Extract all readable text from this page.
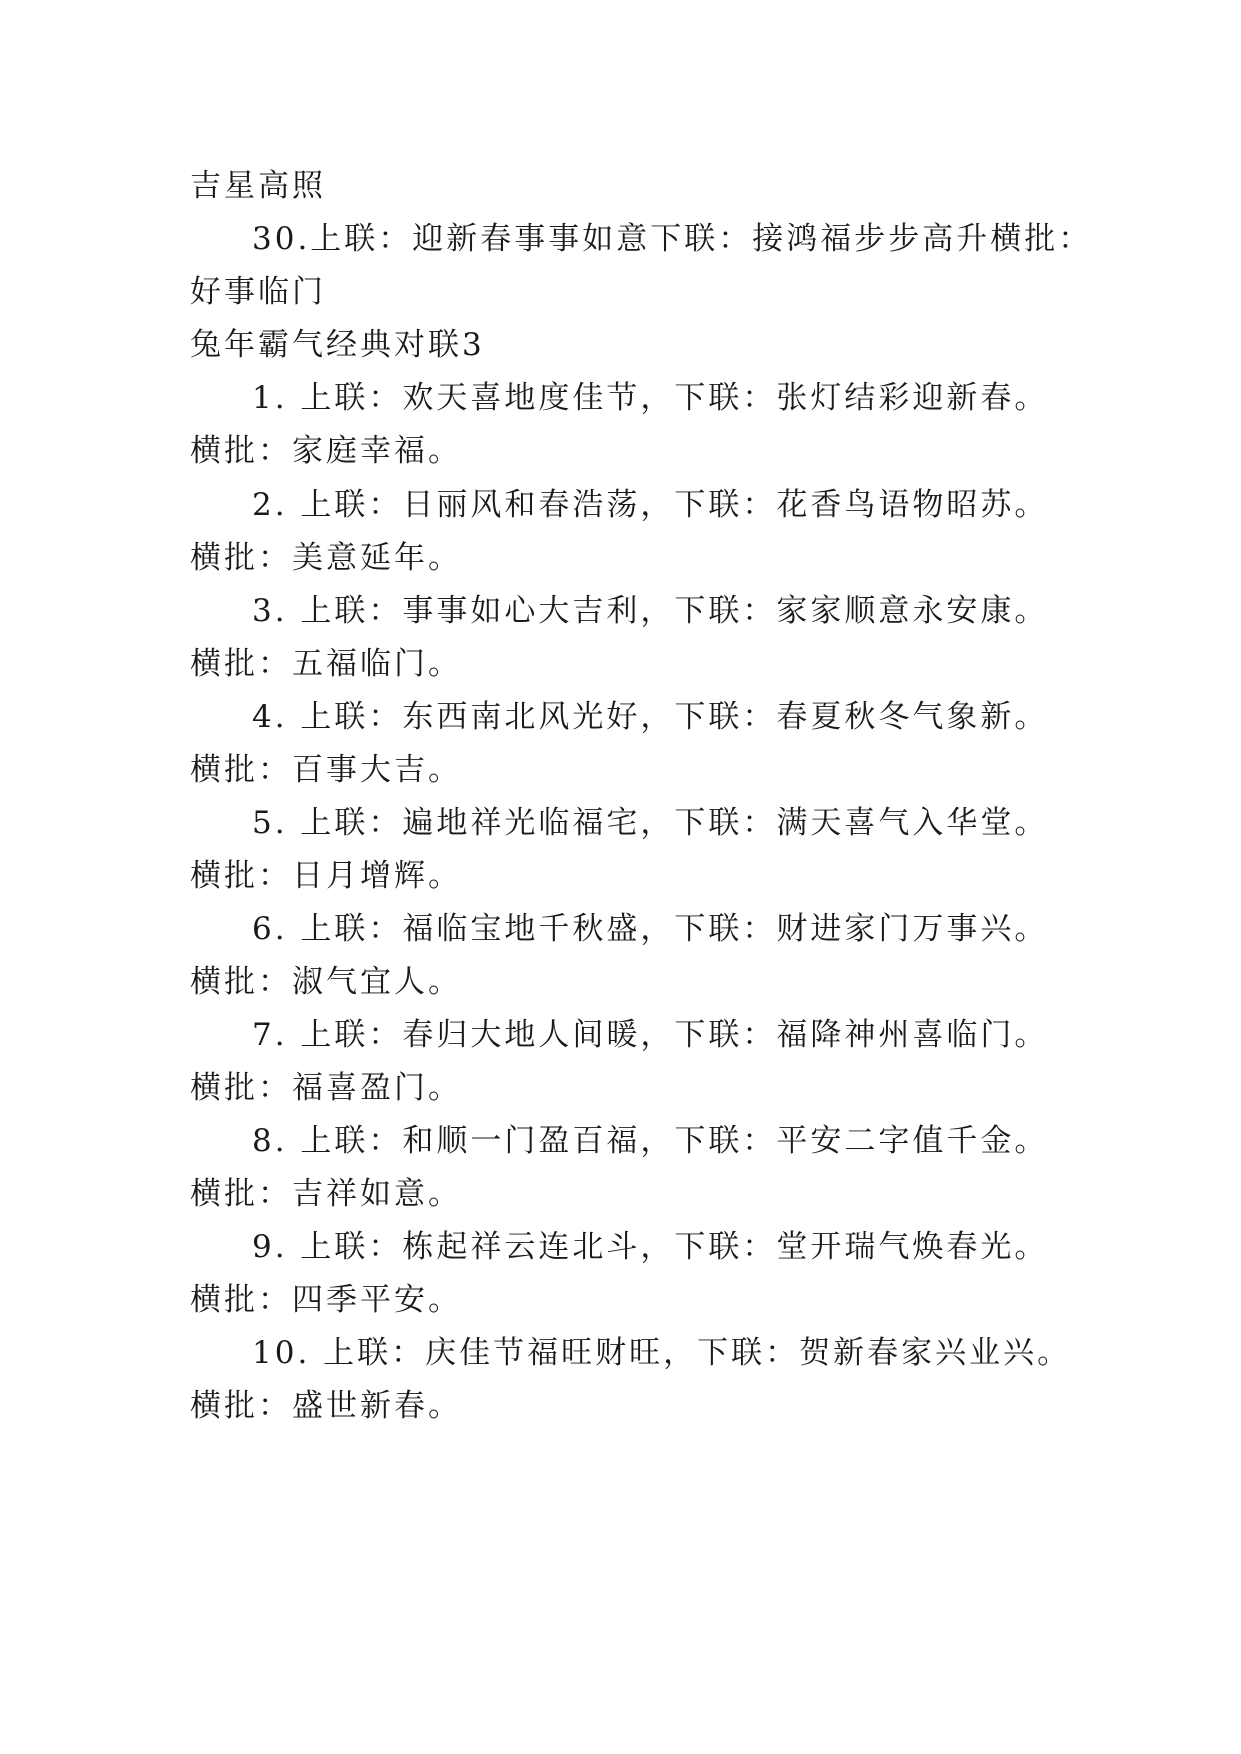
吉星高照
30.上联：迎新春事事如意下联：接鸿福步步高升横批：
好事临门
兔年霸气经典对联3
1. 上联：欢天喜地度佳节，下联：张灯结彩迎新春。
横批：家庭幸福。
2. 上联：日丽风和春浩荡，下联：花香鸟语物昭苏。
横批：美意延年。
3. 上联：事事如心大吉利，下联：家家顺意永安康。
横批：五福临门。
4. 上联：东西南北风光好，下联：春夏秋冬气象新。
横批：百事大吉。
5. 上联：遍地祥光临福宅，下联：满天喜气入华堂。
横批：日月增辉。
6. 上联：福临宝地千秋盛，下联：财进家门万事兴。
横批：淑气宜人。
7. 上联：春归大地人间暖，下联：福降神州喜临门。
横批：福喜盈门。
8. 上联：和顺一门盈百福，下联：平安二字值千金。
横批：吉祥如意。
9. 上联：栋起祥云连北斗，下联：堂开瑞气焕春光。
横批：四季平安。
10. 上联：庆佳节福旺财旺，下联：贺新春家兴业兴。
横批：盛世新春。
